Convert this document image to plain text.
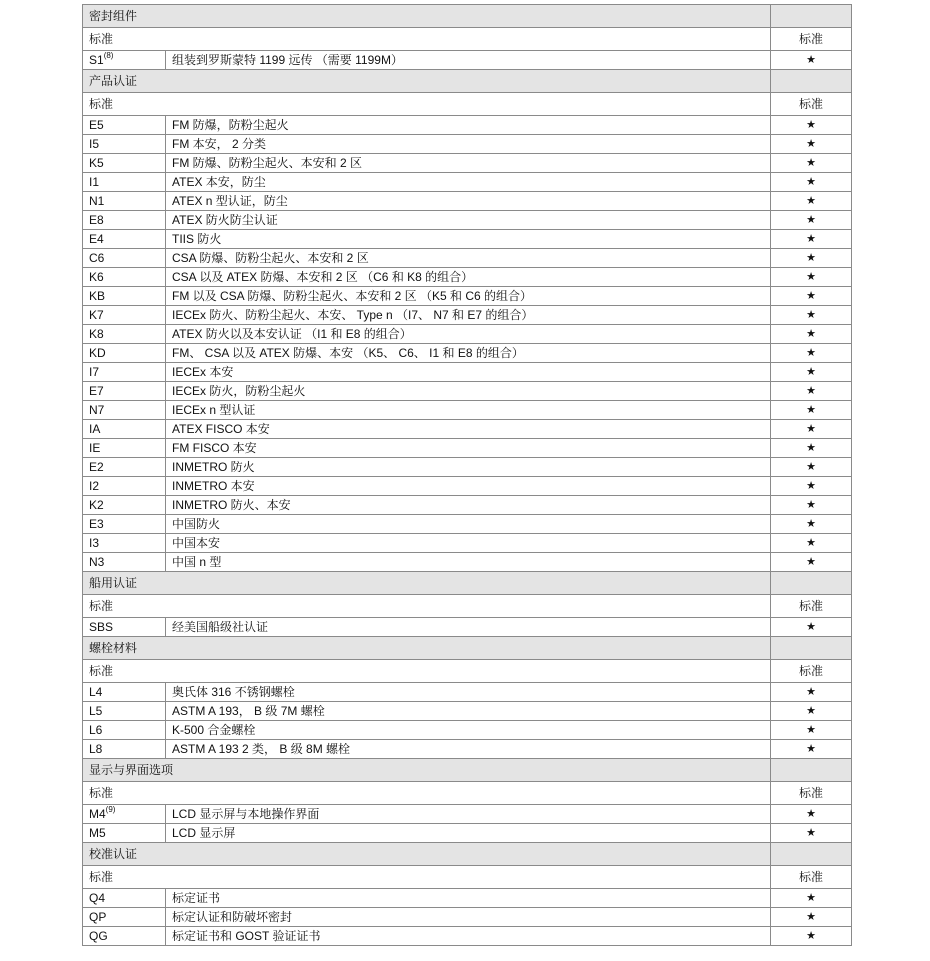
密封组件		
标准		标准
S1$^{(8)}$	组装到罗斯蒙特 1199 远传 （需要 1199M）	★
产品认证		
标准		标准
E5	FM 防爆，防粉尘起火	★
I5	FM 本安， 2 分类	★
K5	FM 防爆、防粉尘起火、本安和 2 区	★
I1	ATEX 本安，防尘	★
N1	ATEX n 型认证，防尘	★
E8	ATEX 防火防尘认证	★
E4	TIIS 防火	★
C6	CSA 防爆、防粉尘起火、本安和 2 区	★
K6	CSA 以及 ATEX 防爆、本安和 2 区 （C6 和 K8 的组合）	★
KB	FM 以及 CSA 防爆、防粉尘起火、本安和 2 区 （K5 和 C6 的组合）	★
K7	IECEx 防火、防粉尘起火、本安、 Type n （I7、 N7 和 E7 的组合）	★
K8	ATEX 防火以及本安认证 （I1 和 E8 的组合）	★
KD	FM、 CSA 以及 ATEX 防爆、本安 （K5、 C6、 I1 和 E8 的组合）	★
I7	IECEx 本安	★
E7	IECEx 防火，防粉尘起火	★
N7	IECEx n 型认证	★
IA	ATEX FISCO 本安	★
IE	FM FISCO 本安	★
E2	INMETRO 防火	★
I2	INMETRO 本安	★
K2	INMETRO 防火、本安	★
E3	中国防火	★
I3	中国本安	★
N3	中国 n 型	★
船用认证		
标准		标准
SBS	经美国船级社认证	★
螺栓材料		
标准		标准
L4	奥氏体 316 不锈钢螺栓	★
L5	ASTM A 193， B 级 7M 螺栓	★
L6	K-500 合金螺栓	★
L8	ASTM A 193 2 类， B 级 8M 螺栓	★
显示与界面选项		
标准		标准
M4$^{(9)}$	LCD 显示屏与本地操作界面	★
M5	LCD 显示屏	★
校准认证		
标准		标准
Q4	标定证书	★
QP	标定认证和防破坏密封	★
QG	标定证书和 GOST 验证证书	★
